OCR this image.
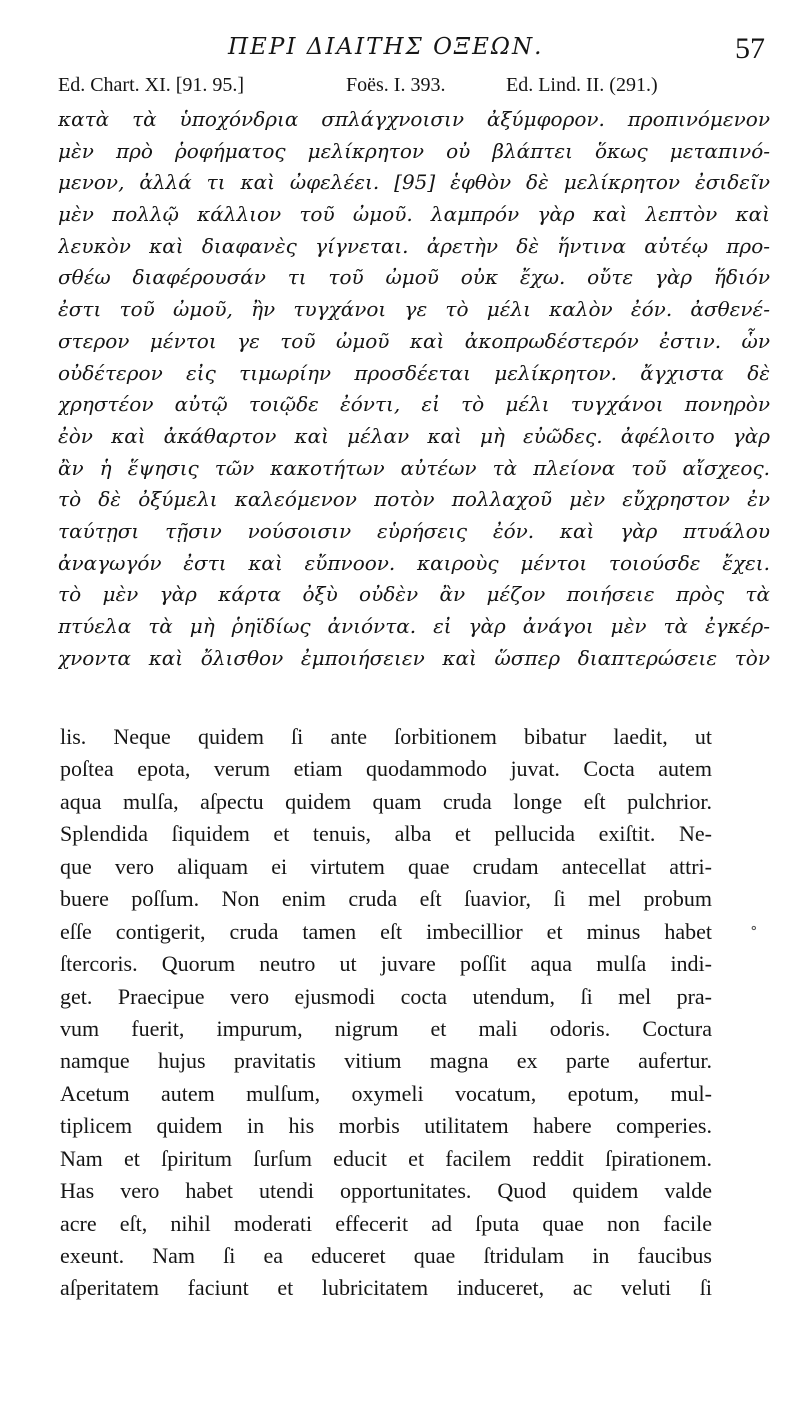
ΠΕΡΙ ΔΙΑΙΤΗΣ ΟΞΕΩΝ.	57
Ed. Chart. XI. [91. 95.]	Foës. I. 393.	Ed. Lind. II. (291.)
κατὰ τὰ ὑποχόνδρια σπλάγχνοισιν ἀξύμφορον. προπινόμενον
μὲν πρὸ ῥοφήματος μελίκρητον οὐ βλάπτει ὅκως μεταπινό-
μενον, ἀλλά τι καὶ ὠφελέει. [95] ἑφθὸν δὲ μελίκρητον ἐσιδεῖν
μὲν πολλῷ κάλλιον τοῦ ὠμοῦ. λαμπρόν γὰρ καὶ λεπτὸν καὶ
λευκὸν καὶ διαφανὲς γίγνεται. ἀρετὴν δὲ ἥντινα αὐτέῳ προ-
σθέω διαφέρουσάν τι τοῦ ὠμοῦ οὐκ ἔχω. οὔτε γὰρ ἥδιόν
ἐστι τοῦ ὠμοῦ, ἢν τυγχάνοι γε τὸ μέλι καλὸν ἐόν. ἀσθενέ-
στερον μέντοι γε τοῦ ὠμοῦ καὶ ἀκοπρωδέστερόν ἐστιν. ὧν
οὐδέτερον εἰς τιμωρίην προσδέεται μελίκρητον. ἄγχιστα δὲ
χρηστέον αὐτῷ τοιῷδε ἐόντι, εἰ τὸ μέλι τυγχάνοι πονηρὸν
ἐὸν καὶ ἀκάθαρτον καὶ μέλαν καὶ μὴ εὐῶδες. ἀφέλοιτο γὰρ
ἂν ἡ ἕψησις τῶν κακοτήτων αὐτέων τὰ πλείονα τοῦ αἴσχεος.
τὸ δὲ ὀξύμελι καλεόμενον ποτὸν πολλαχοῦ μὲν εὔχρηστον ἐν
ταύτῃσι τῇσιν νούσοισιν εὑρήσεις ἐόν. καὶ γὰρ πτυάλου
ἀναγωγόν ἐστι καὶ εὔπνοον. καιροὺς μέντοι τοιούσδε ἔχει.
τὸ μὲν γὰρ κάρτα ὀξὺ οὐδὲν ἂν μέζον ποιήσειε πρὸς τὰ
πτύελα τὰ μὴ ῥηϊδίως ἀνιόντα. εἰ γὰρ ἀνάγοι μὲν τὰ ἐγκέρ-
χνοντα καὶ ὄλισθον ἐμποιήσειεν καὶ ὥσπερ διαπτερώσειε τὸν
lis. Neque quidem ſi ante ſorbitionem bibatur laedit, ut
poſtea epota, verum etiam quodammodo juvat. Cocta autem
aqua mulſa, aſpectu quidem quam cruda longe eſt pulchrior.
Splendida ſiquidem et tenuis, alba et pellucida exiſtit. Ne-
que vero aliquam ei virtutem quae crudam antecellat attri-
buere poſſum. Non enim cruda eſt ſuavior, ſi mel probum
eſſe contigerit, cruda tamen eſt imbecillior et minus habet
ſtercoris. Quorum neutro ut juvare poſſit aqua mulſa indi-
get. Praecipue vero ejusmodi cocta utendum, ſi mel pra-
vum fuerit, impurum, nigrum et mali odoris. Coctura
namque hujus pravitatis vitium magna ex parte aufertur.
Acetum autem mulſum, oxymeli vocatum, epotum, mul-
tiplicem quidem in his morbis utilitatem habere comperies.
Nam et ſpiritum ſurſum educit et facilem reddit ſpirationem.
Has vero habet utendi opportunitates. Quod quidem valde
acre eſt, nihil moderati effecerit ad ſputa quae non facile
exeunt. Nam ſi ea educeret quae ſtridulam in faucibus
aſperitatem faciunt et lubricitatem induceret, ac veluti ſi
∘
